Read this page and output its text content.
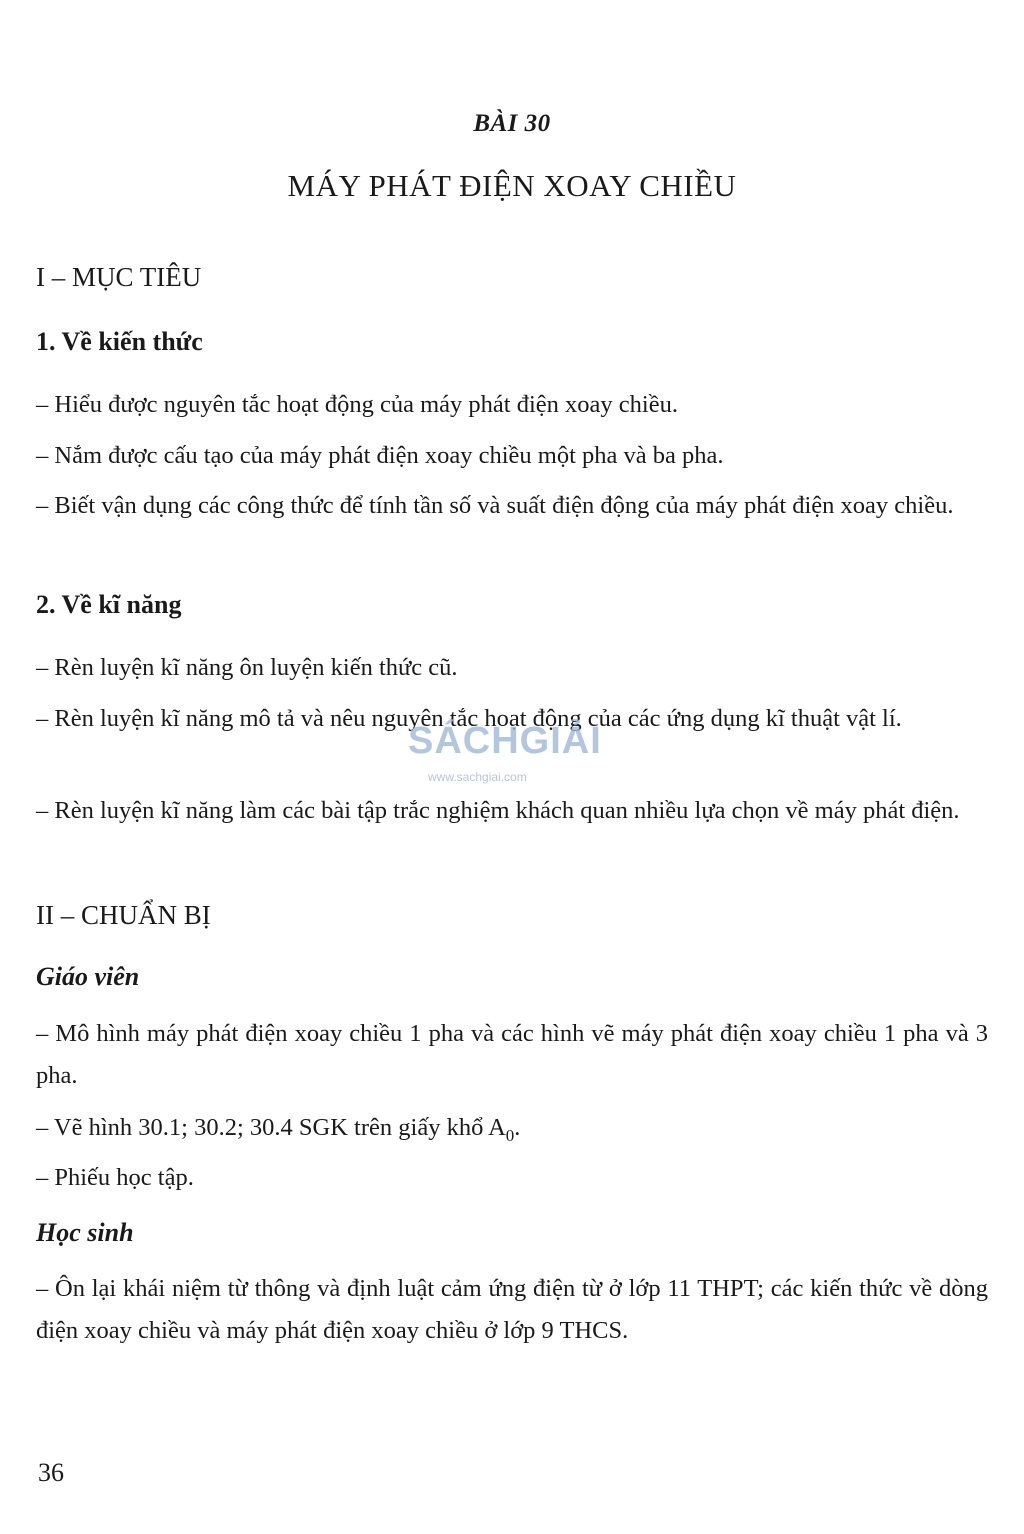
BÀI 30
MÁY PHÁT ĐIỆN XOAY CHIỀU
I – MỤC TIÊU
1. Về kiến thức
– Hiểu được nguyên tắc hoạt động của máy phát điện xoay chiều.
– Nắm được cấu tạo của máy phát điện xoay chiều một pha và ba pha.
– Biết vận dụng các công thức để tính tần số và suất điện động của máy phát điện xoay chiều.
2. Về kĩ năng
– Rèn luyện kĩ năng ôn luyện kiến thức cũ.
– Rèn luyện kĩ năng mô tả và nêu nguyên tắc hoạt động của các ứng dụng kĩ thuật vật lí.
– Rèn luyện kĩ năng làm các bài tập trắc nghiệm khách quan nhiều lựa chọn về máy phát điện.
II – CHUẨN BỊ
Giáo viên
– Mô hình máy phát điện xoay chiều 1 pha và các hình vẽ máy phát điện xoay chiều 1 pha và 3 pha.
– Vẽ hình 30.1; 30.2; 30.4 SGK trên giấy khổ $A_0$.
– Phiếu học tập.
Học sinh
– Ôn lại khái niệm từ thông và định luật cảm ứng điện từ ở lớp 11 THPT; các kiến thức về dòng điện xoay chiều và máy phát điện xoay chiều ở lớp 9 THCS.
SÁCHGIẢI
www.sachgiai.com
36
